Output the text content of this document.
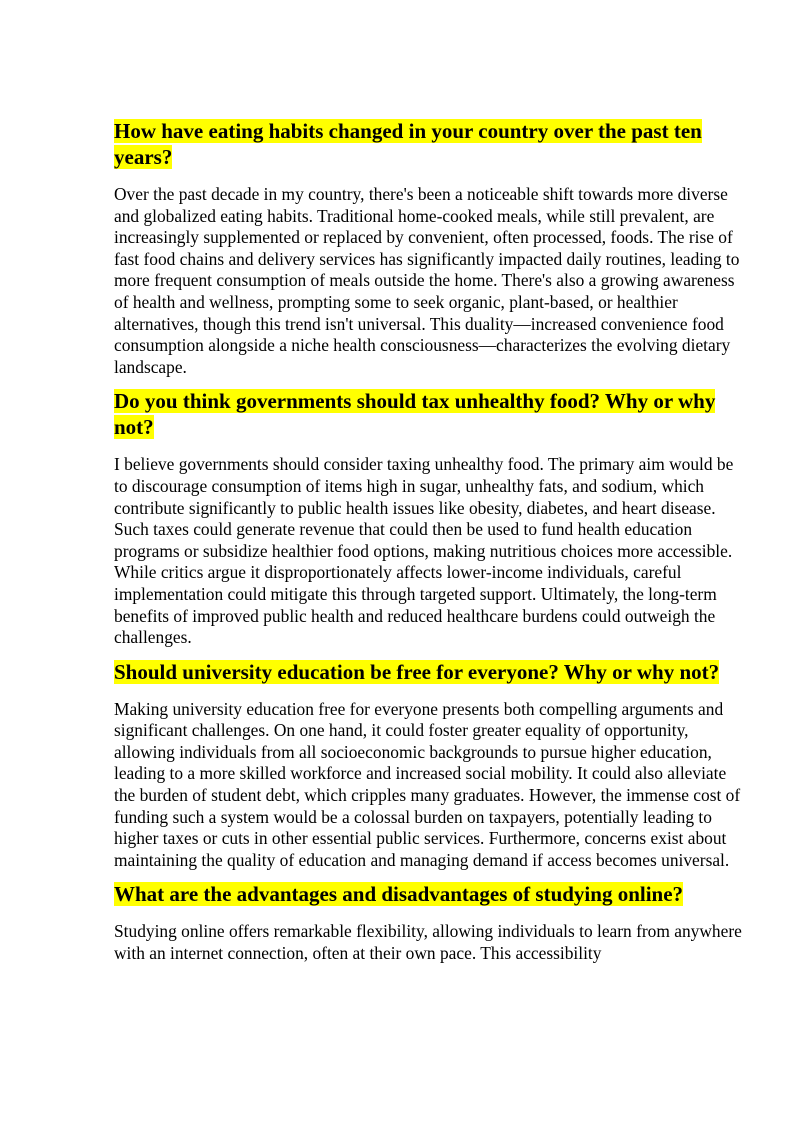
How have eating habits changed in your country over the past ten years?

Over the past decade in my country, there's been a noticeable shift towards more diverse and globalized eating habits. Traditional home-cooked meals, while still prevalent, are increasingly supplemented or replaced by convenient, often processed, foods. The rise of fast food chains and delivery services has significantly impacted daily routines, leading to more frequent consumption of meals outside the home. There's also a growing awareness of health and wellness, prompting some to seek organic, plant-based, or healthier alternatives, though this trend isn't universal. This duality—increased convenience food consumption alongside a niche health consciousness—characterizes the evolving dietary landscape.

Do you think governments should tax unhealthy food? Why or why not?

I believe governments should consider taxing unhealthy food. The primary aim would be to discourage consumption of items high in sugar, unhealthy fats, and sodium, which contribute significantly to public health issues like obesity, diabetes, and heart disease. Such taxes could generate revenue that could then be used to fund health education programs or subsidize healthier food options, making nutritious choices more accessible. While critics argue it disproportionately affects lower-income individuals, careful implementation could mitigate this through targeted support. Ultimately, the long-term benefits of improved public health and reduced healthcare burdens could outweigh the challenges.

Should university education be free for everyone? Why or why not?

Making university education free for everyone presents both compelling arguments and significant challenges. On one hand, it could foster greater equality of opportunity, allowing individuals from all socioeconomic backgrounds to pursue higher education, leading to a more skilled workforce and increased social mobility. It could also alleviate the burden of student debt, which cripples many graduates. However, the immense cost of funding such a system would be a colossal burden on taxpayers, potentially leading to higher taxes or cuts in other essential public services. Furthermore, concerns exist about maintaining the quality of education and managing demand if access becomes universal.

What are the advantages and disadvantages of studying online?

Studying online offers remarkable flexibility, allowing individuals to learn from anywhere with an internet connection, often at their own pace. This accessibility
